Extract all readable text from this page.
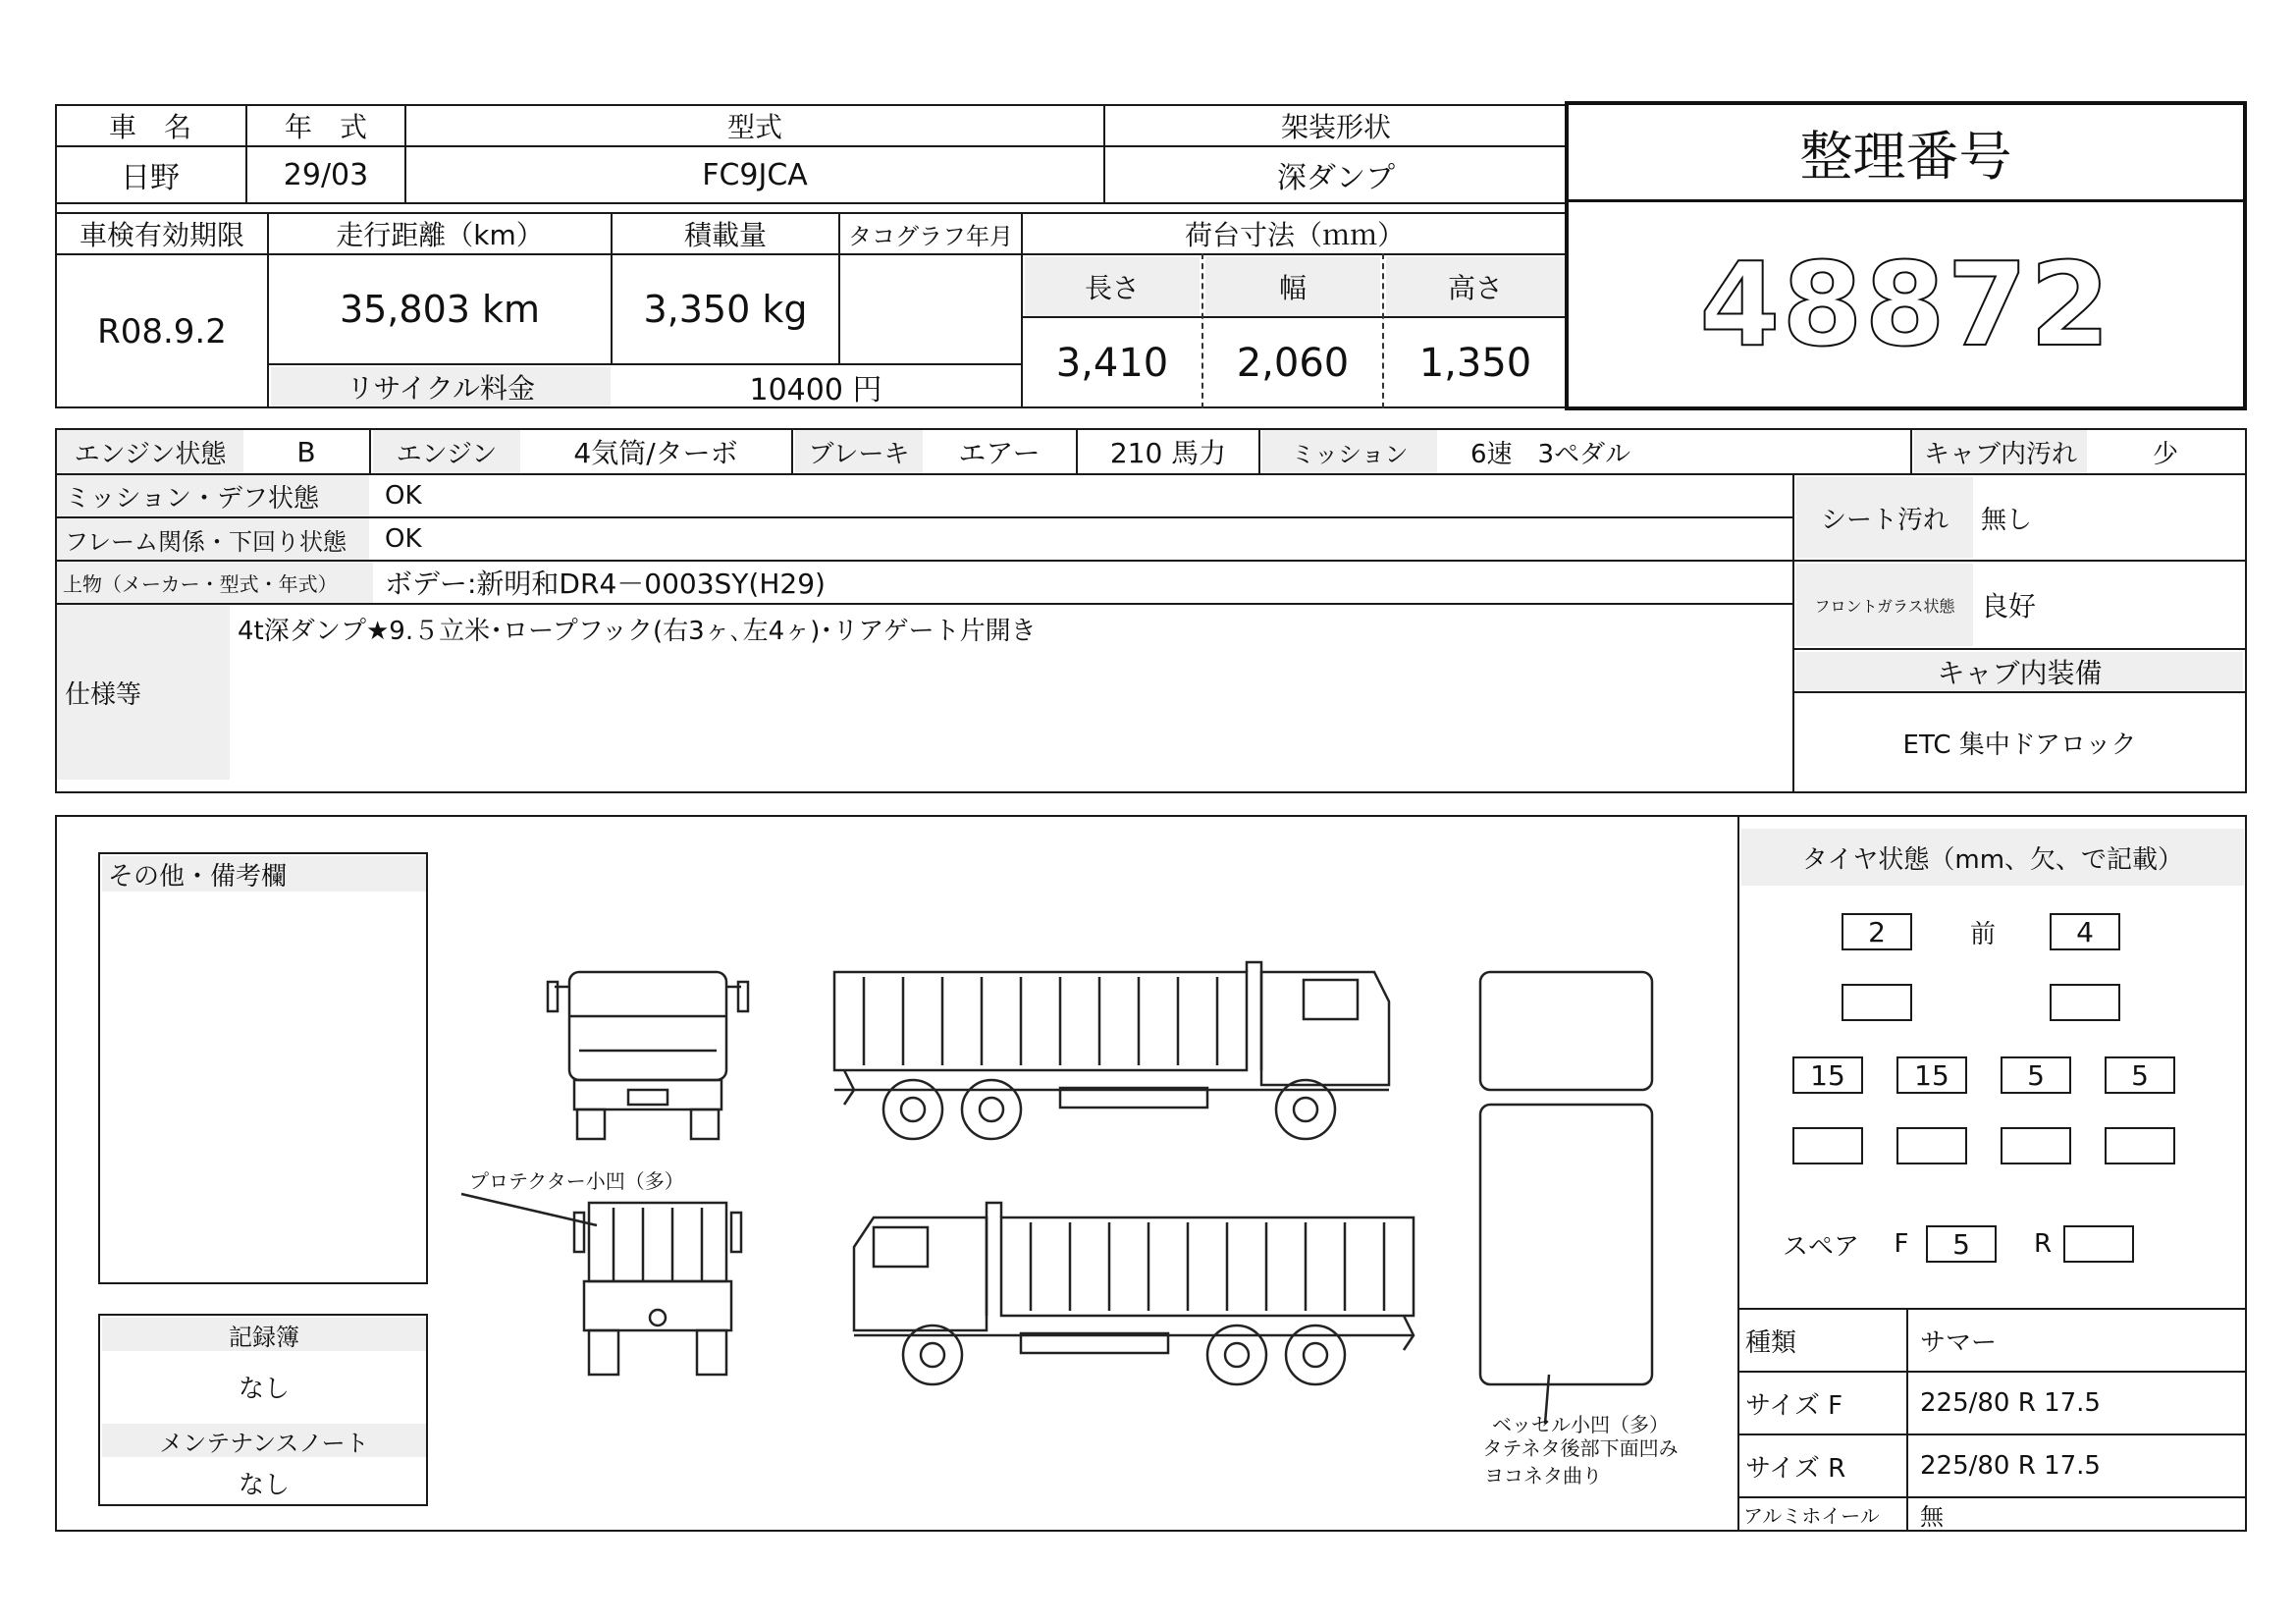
車　名
日野
年　式
29/03
型式
FC9JCA
架装形状
深ダンプ
車検有効期限
R08.9.2
走行距離（km）
35,803 km
積載量
3,350 kg
タコグラフ年月	荷台寸法（ｍｍ）
長さ	幅	高さ
3,410	2,060	1,350
リサイクル料金	10400 円
整理番号
48872
エンジン状態	B	エンジン	4気筒/ターボ	ブレーキ	エアー	210 馬力	ミッション	6速　3ペダル	キャブ内汚れ	少
ミッション・デフ状態	OK
フレーム関係・下回り状態	OK
上物（メーカー・型式・年式）	ボデー:新明和DR4－0003SY(H29)
仕様等
4t深ダンプ★9.５立米･ロープフック(右3ヶ､左4ヶ)･リアゲート片開き
シート汚れ	無し
フロントガラス状態 良好
キャブ内装備
ETC 集中ドアロック
その他・備考欄
記録簿
なし
メンテナンスノート
なし
プロテクター小凹（多）
ベッセル小凹（多）
タテネタ後部下面凹み
ヨコネタ曲り
タイヤ状態（mm、欠、で記載）
2	前	4
15	15	5	5
スペア	F	5	R
種類	サマー
サイズ F	225/80 R 17.5
サイズ R	225/80 R 17.5
アルミホイール	無
